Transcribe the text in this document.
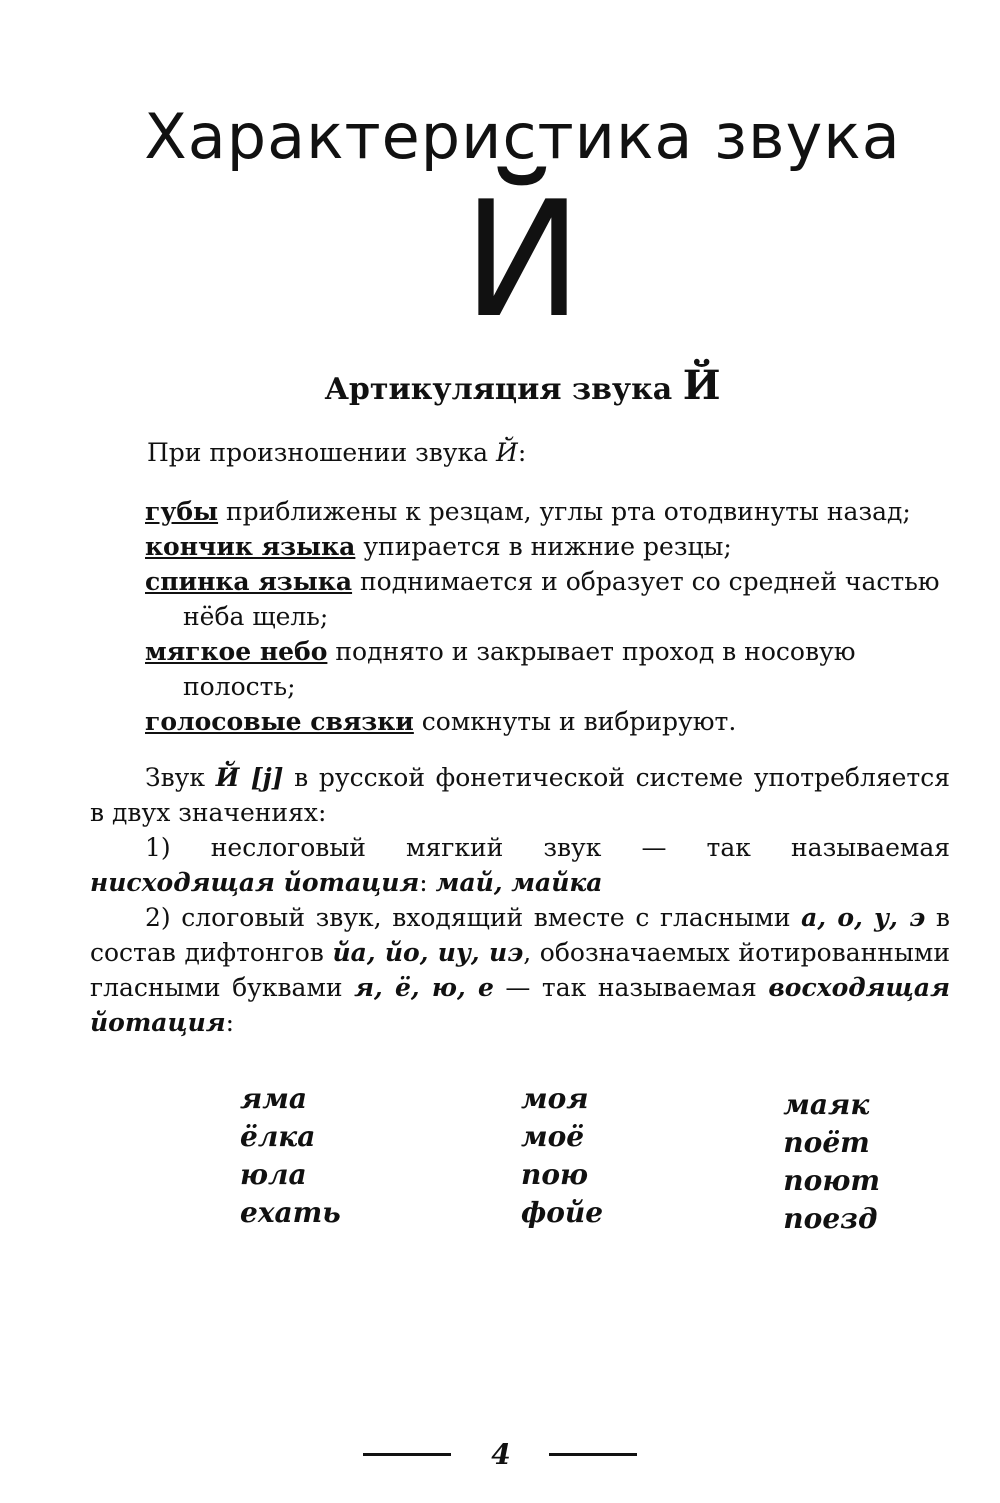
Характеристика звука
Й
Артикуляция звука Й

При произношении звука Й:

губы приближены к резцам, углы рта отодвинуты назад;
кончик языка упирается в нижние резцы;
спинка языка поднимается и образует со средней частью нёба щель;
мягкое небо поднято и закрывает проход в носовую полость;
голосовые связки сомкнуты и вибрируют.

Звук Й [j] в русской фонетической системе употребляется в двух значениях:

1) неслоговый мягкий звук — так называемая нисходящая йотация: май, майка

2) слоговый звук, входящий вместе с гласными а, о, у, э в состав дифтонгов йа, йо, иу, иэ, обозначаемых йотированными гласными буквами я, ё, ю, е — так называемая восходящая йотация:

яма
ёлка
юла
ехать
моя
моё
пою
фойе
маяк
поёт
поют
поезд
4
